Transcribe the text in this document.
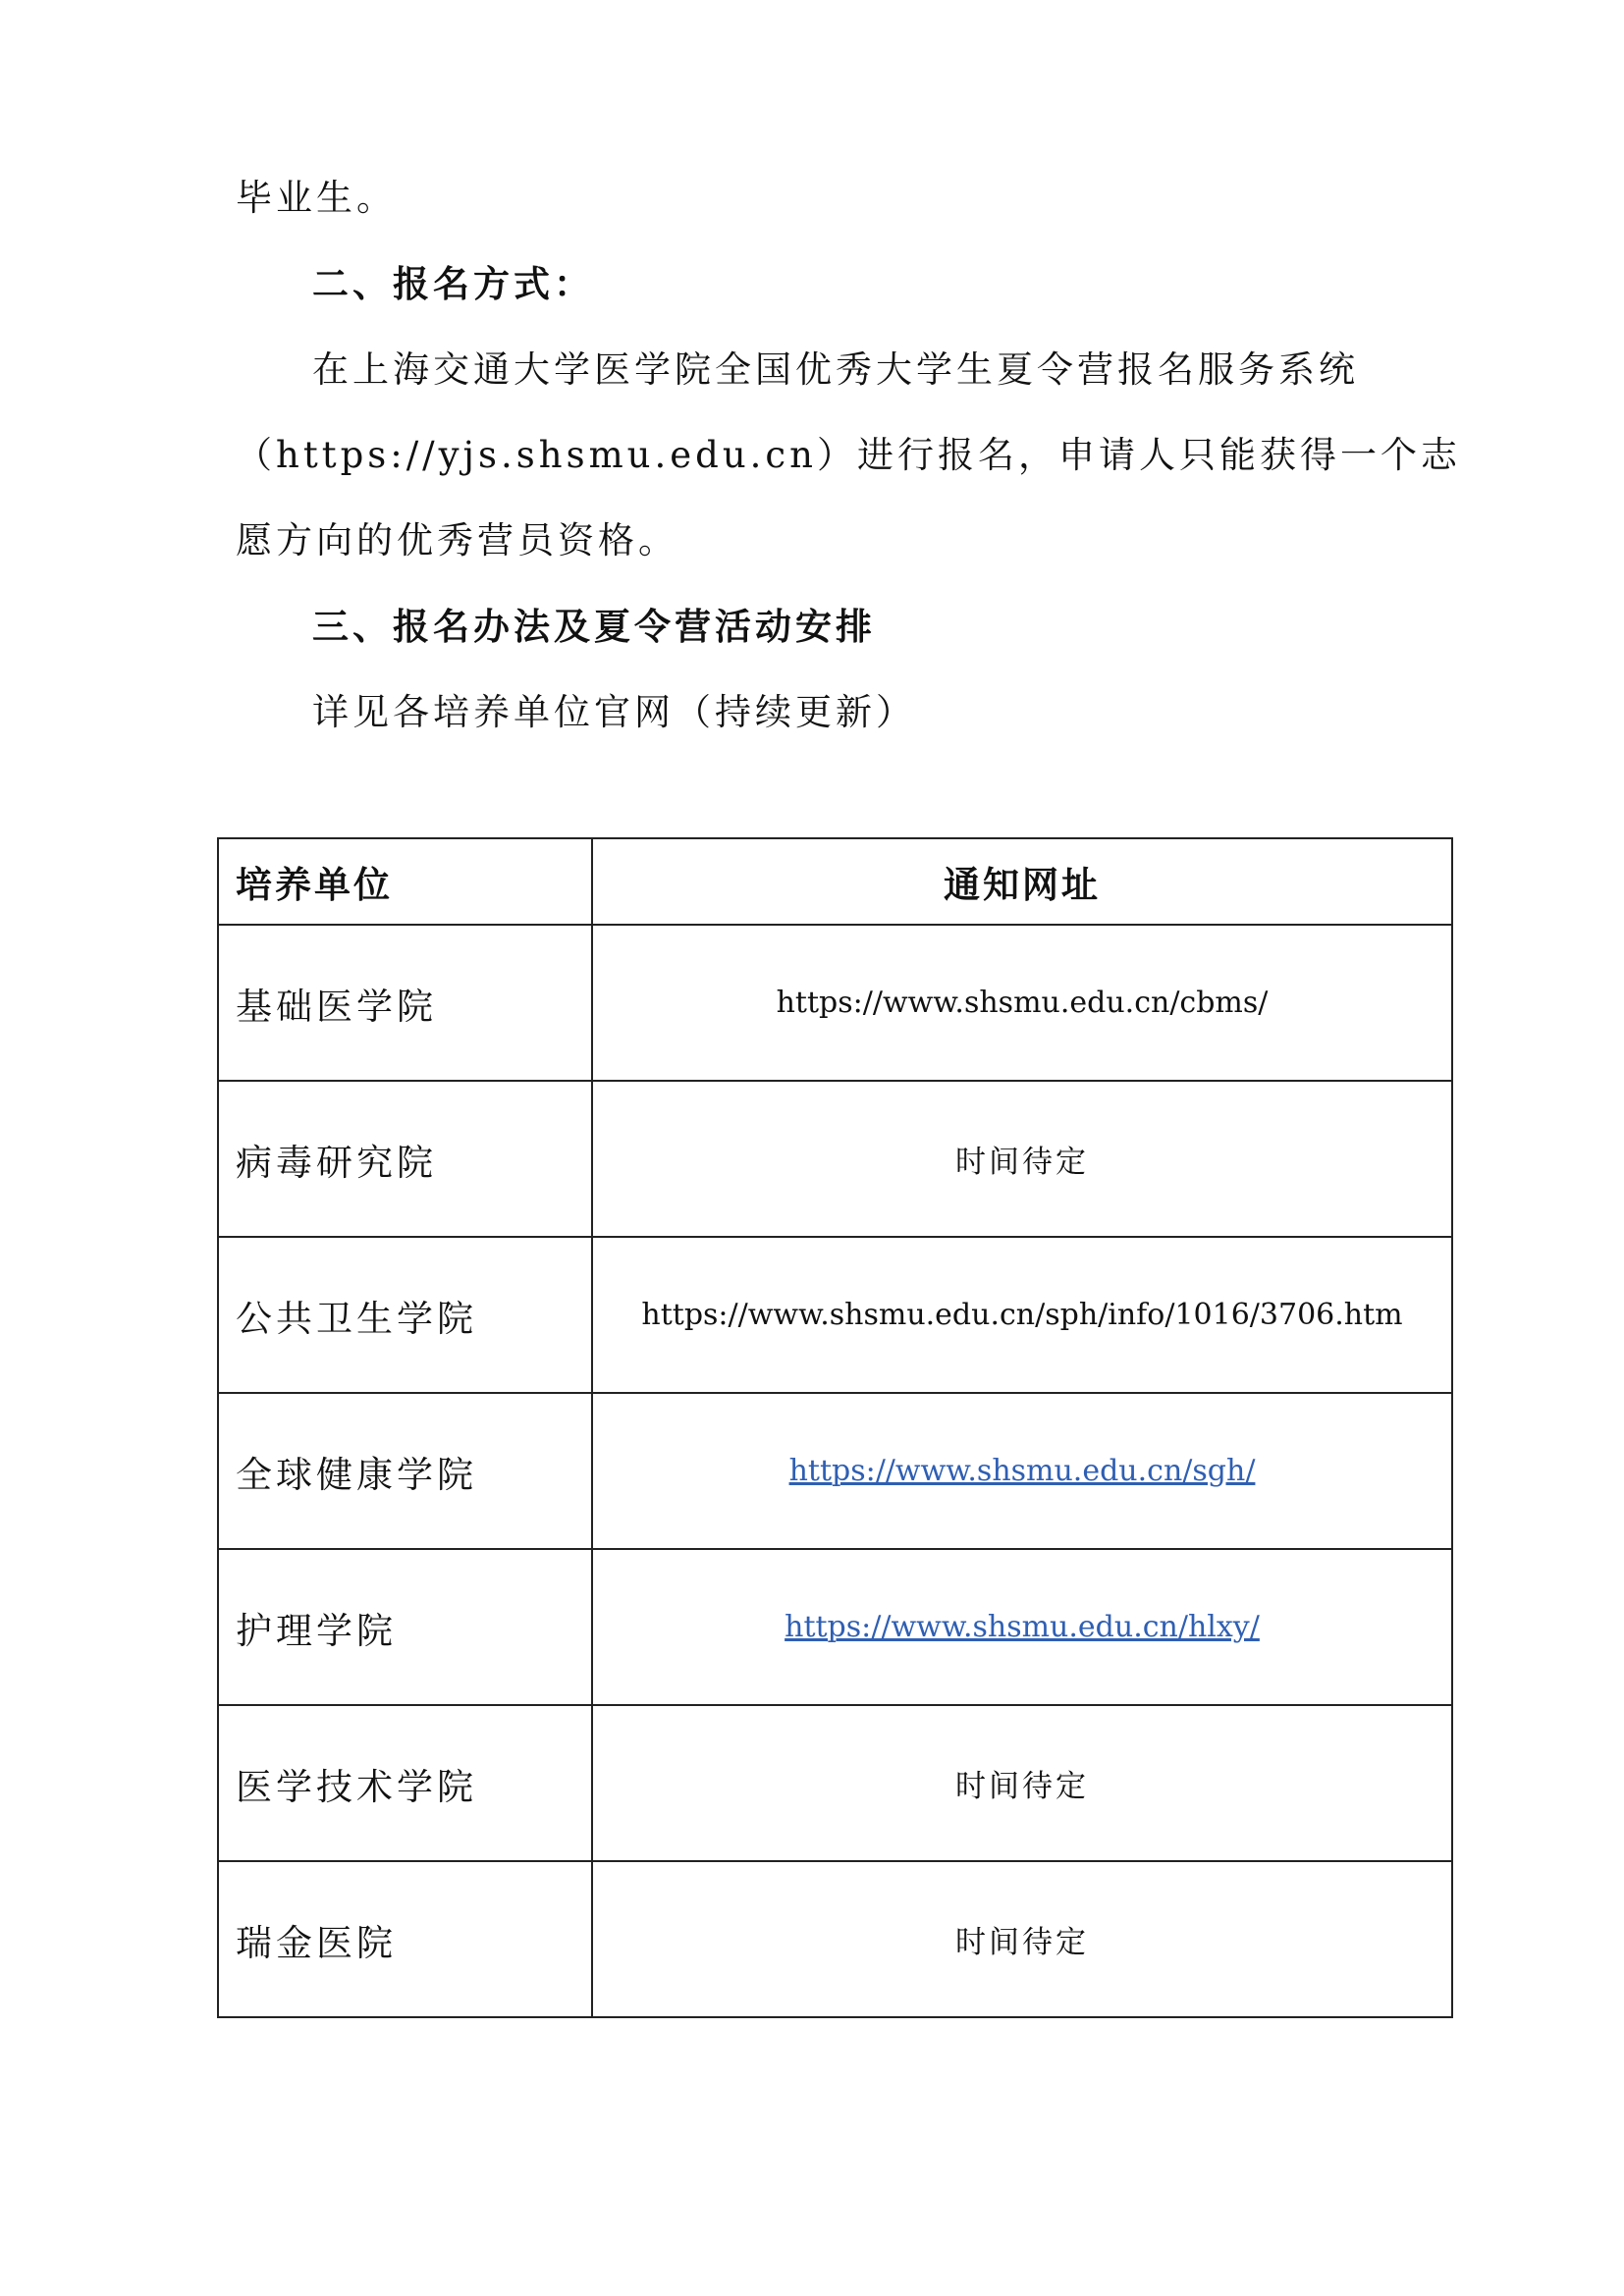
毕业生。
二、报名方式：
在上海交通大学医学院全国优秀大学生夏令营报名服务系统
（https://yjs.shsmu.edu.cn）进行报名，申请人只能获得一个志
愿方向的优秀营员资格。
三、报名办法及夏令营活动安排
详见各培养单位官网（持续更新）
培养单位	通知网址
基础医学院	https://www.shsmu.edu.cn/cbms/
病毒研究院	时间待定
公共卫生学院	https://www.shsmu.edu.cn/sph/info/1016/3706.htm
全球健康学院	https://www.shsmu.edu.cn/sgh/
护理学院	https://www.shsmu.edu.cn/hlxy/
医学技术学院	时间待定
瑞金医院	时间待定
